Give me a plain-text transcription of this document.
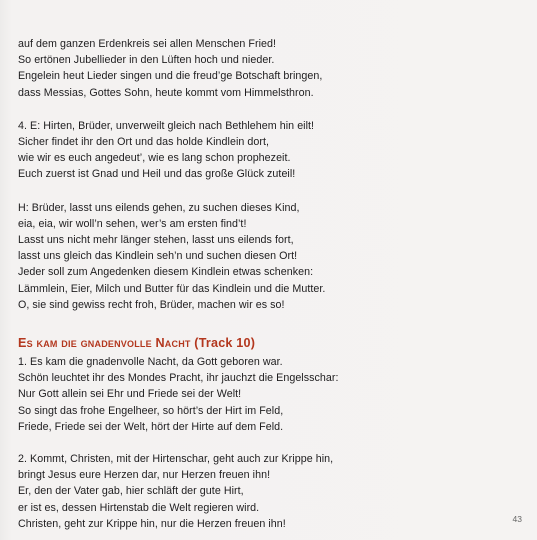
auf dem ganzen Erdenkreis sei allen Menschen Fried!
So ertönen Jubellieder in den Lüften hoch und nieder.
Engelein heut Lieder singen und die freud’ge Botschaft bringen,
dass Messias, Gottes Sohn, heute kommt vom Himmelsthron.
4. E: Hirten, Brüder, unverweilt gleich nach Bethlehem hin eilt!
Sicher findet ihr den Ort und das holde Kindlein dort,
wie wir es euch angedeut’, wie es lang schon prophezeit.
Euch zuerst ist Gnad und Heil und das große Glück zuteil!
H: Brüder, lasst uns eilends gehen, zu suchen dieses Kind,
eia, eia, wir woll’n sehen, wer’s am ersten find’t!
Lasst uns nicht mehr länger stehen, lasst uns eilends fort,
lasst uns gleich das Kindlein seh’n und suchen diesen Ort!
Jeder soll zum Angedenken diesem Kindlein etwas schenken:
Lämmlein, Eier, Milch und Butter für das Kindlein und die Mutter.
O, sie sind gewiss recht froh, Brüder, machen wir es so!
Es kam die gnadenvolle Nacht (Track 10)
1. Es kam die gnadenvolle Nacht, da Gott geboren war.
Schön leuchtet ihr des Mondes Pracht, ihr jauchzt die Engelsschar:
Nur Gott allein sei Ehr und Friede sei der Welt!
So singt das frohe Engelheer, so hört’s der Hirt im Feld,
Friede, Friede sei der Welt, hört der Hirte auf dem Feld.
2. Kommt, Christen, mit der Hirtenschar, geht auch zur Krippe hin,
bringt Jesus eure Herzen dar, nur Herzen freuen ihn!
Er, den der Vater gab, hier schläft der gute Hirt,
er ist es, dessen Hirtenstab die Welt regieren wird.
Christen, geht zur Krippe hin, nur die Herzen freuen ihn!	43
